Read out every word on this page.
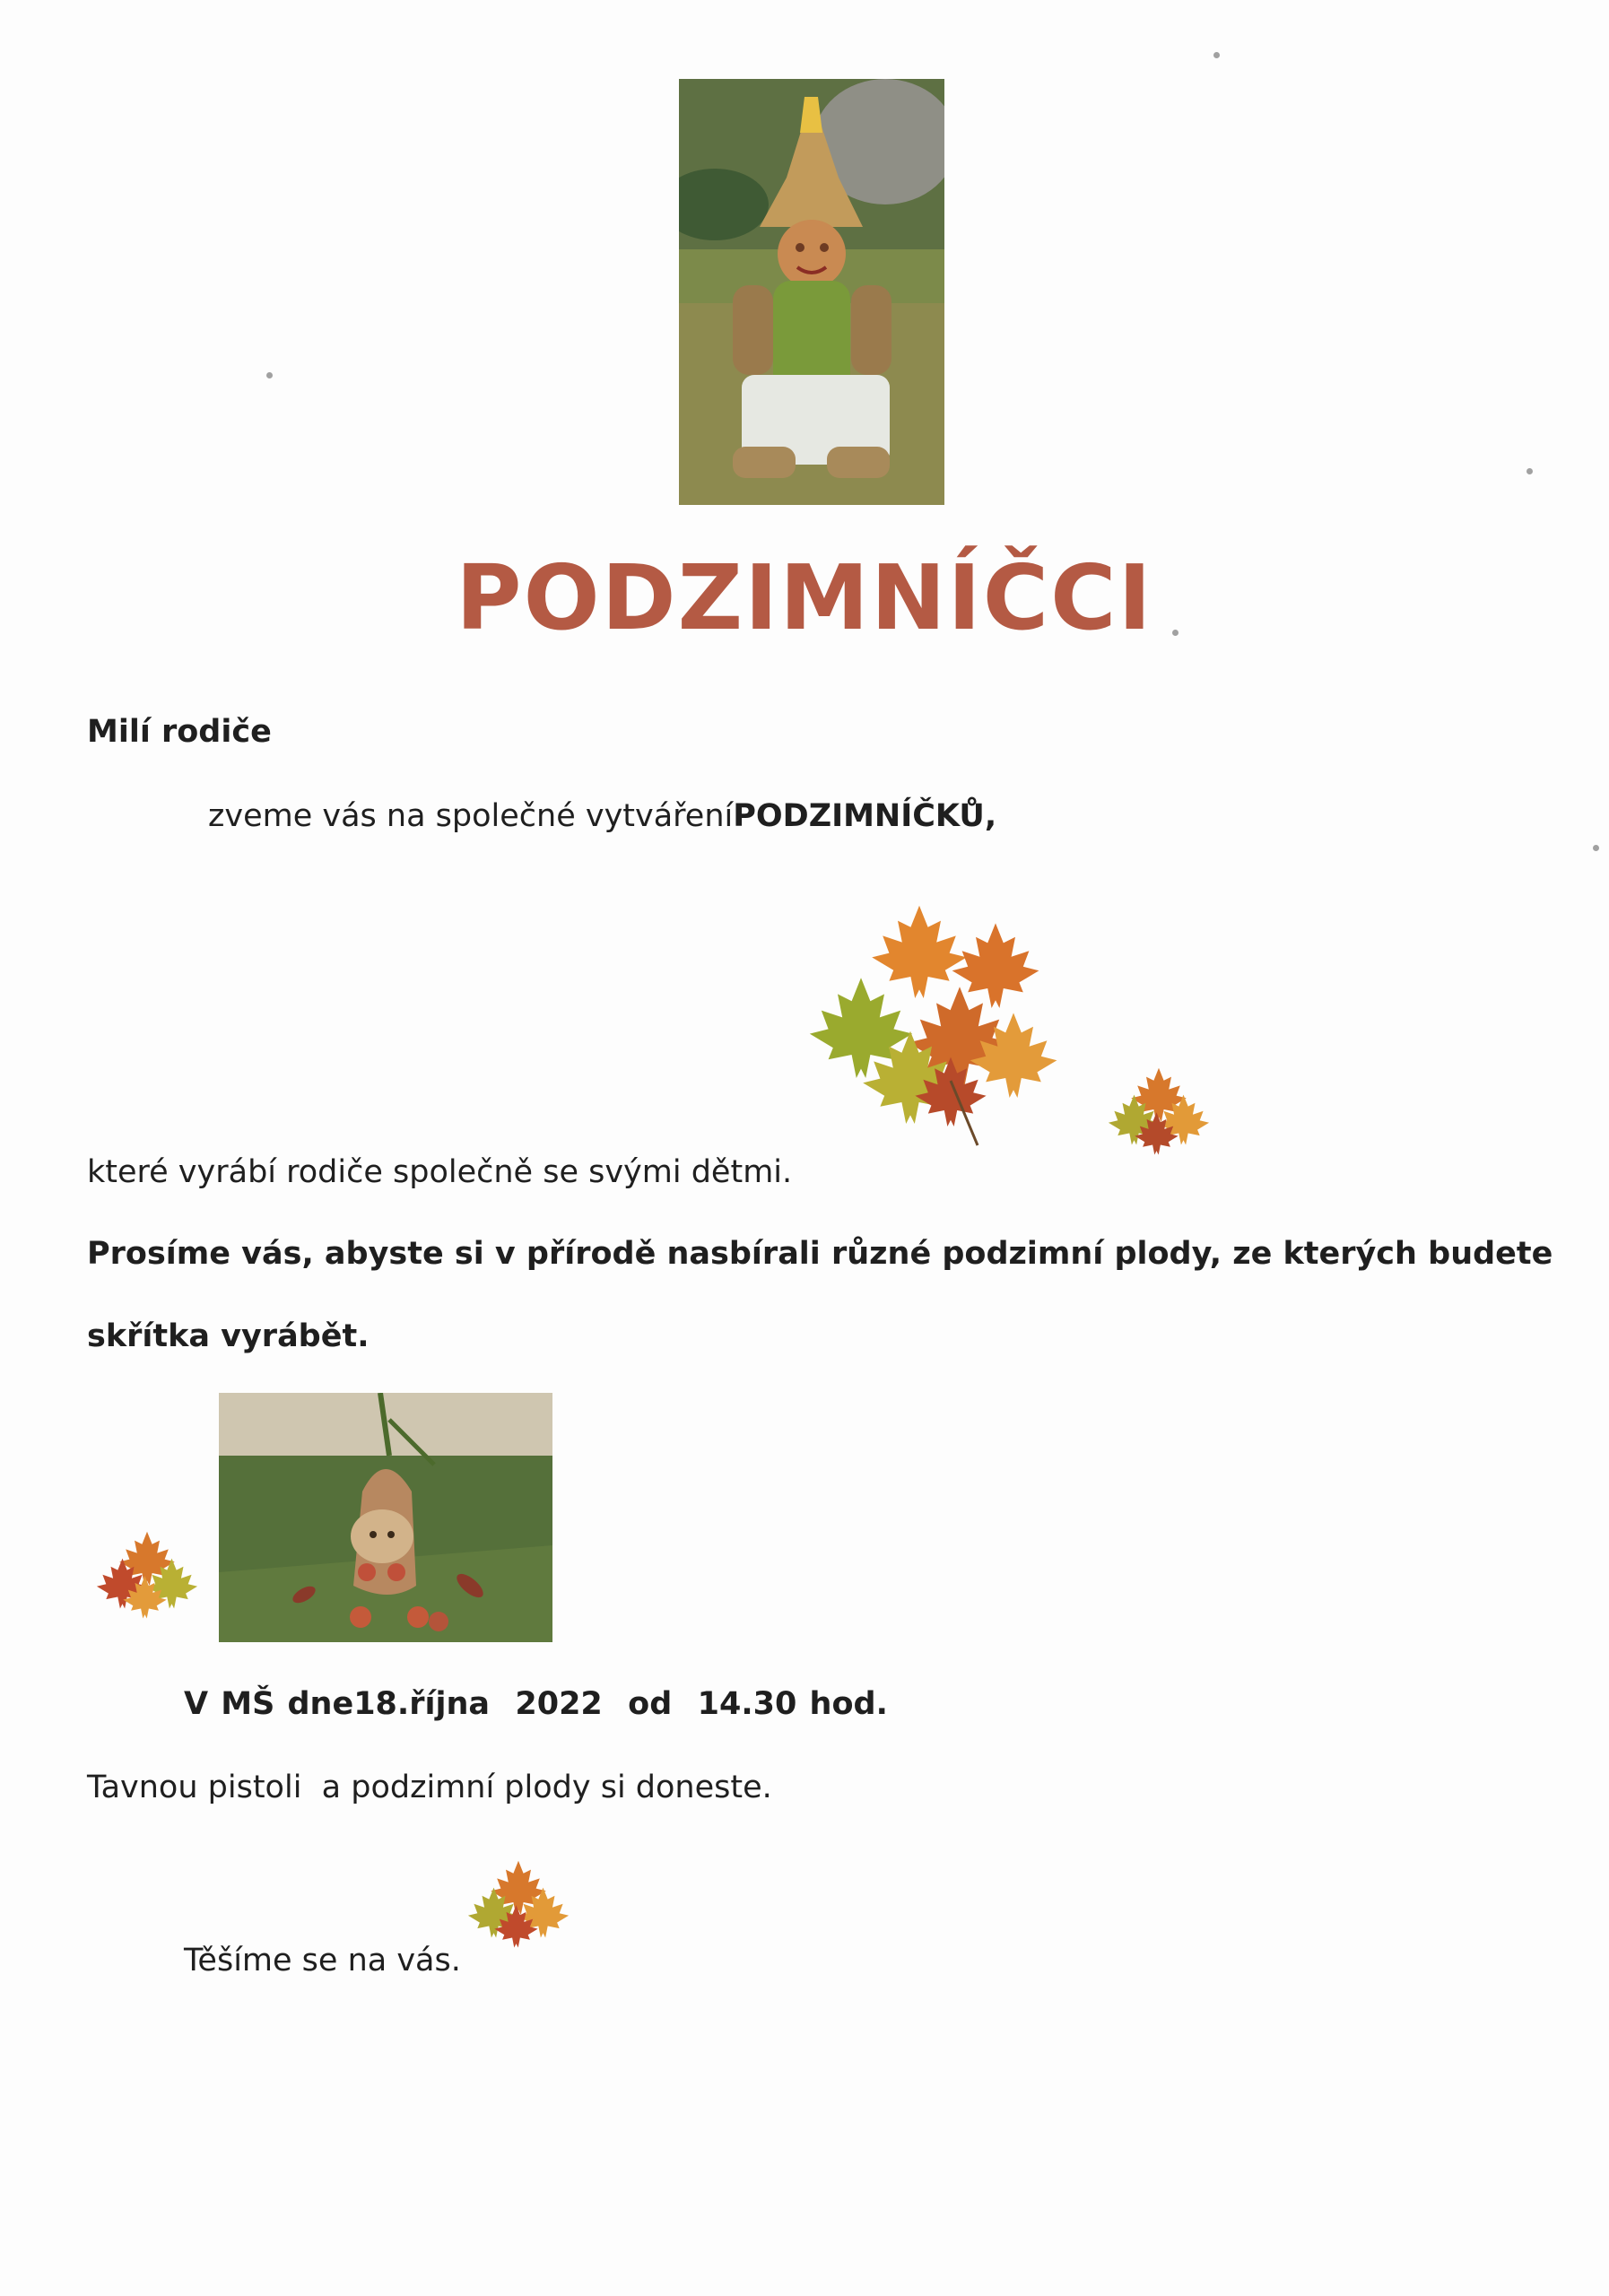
PODZIMNÍČCI
Milí rodiče
zveme vás na společné vytvářeníPODZIMNÍČKŮ,
které vyrábí rodiče společně se svými dětmi.
Prosíme vás, abyste si v přírodě nasbírali různé podzimní plody, ze kterých budete
skřítka vyrábět.
V MŠ dne18.října 2022 od 14.30 hod.
Tavnou pistoli  a podzimní plody si doneste.
Těšíme se na vás.
